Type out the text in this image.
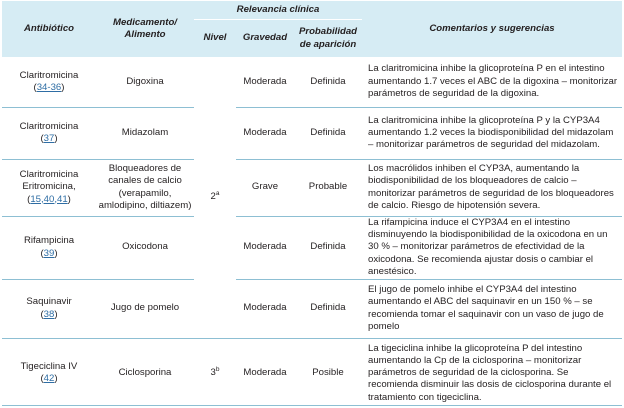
Antibiótico	Medicamento/ Alimento	Relevancia clínica			Comentarios y sugerencias
		Nivel	Gravedad	Probabilidad de aparición	
Claritromicina
(34-36)	Digoxina	2$^a$	Moderada	Definida	La claritromicina inhibe la glicoproteína P en el intestino aumentando 1.7 veces el ABC de la digoxina – monitorizar parámetros de seguridad de la digoxina.
Claritromicina
(37)	Midazolam		Moderada	Definida	La claritromicina inhibe la glicoproteína P y la CYP3A4 aumentando 1.2 veces la biodisponibilidad del midazolam – monitorizar parámetros de seguridad del midazolam.
Claritromicina Eritromicina,
(15,40,41)	Bloqueadores de canales de calcio (verapamilo, amlodipino, diltiazem)		Grave	Probable	Los macrólidos inhiben el CYP3A, aumentando la biodisponibilidad de los bloqueadores de calcio – monitorizar parámetros de seguridad de los bloqueadores de calcio. Riesgo de hipotensión severa.
Rifampicina
(39)	Oxicodona		Moderada	Definida	La rifampicina induce el CYP3A4 en el intestino disminuyendo la biodisponibilidad de la oxicodona en un 30 % – monitorizar parámetros de efectividad de la oxicodona. Se recomienda ajustar dosis o cambiar el anestésico.
Saquinavir
(38)	Jugo de pomelo		Moderada	Definida	El jugo de pomelo inhibe el CYP3A4 del intestino aumentando el ABC del saquinavir en un 150 % – se recomienda tomar el saquinavir con un vaso de jugo de pomelo
Tigeciclina IV
(42)	Ciclosporina	3$^b$	Moderada	Posible	La tigeciclina inhibe la glicoproteína P del intestino aumentando la Cp de la ciclosporina – monitorizar parámetros de seguridad de la ciclosporina. Se recomienda disminuir las dosis de ciclosporina durante el tratamiento con tigeciclina.
